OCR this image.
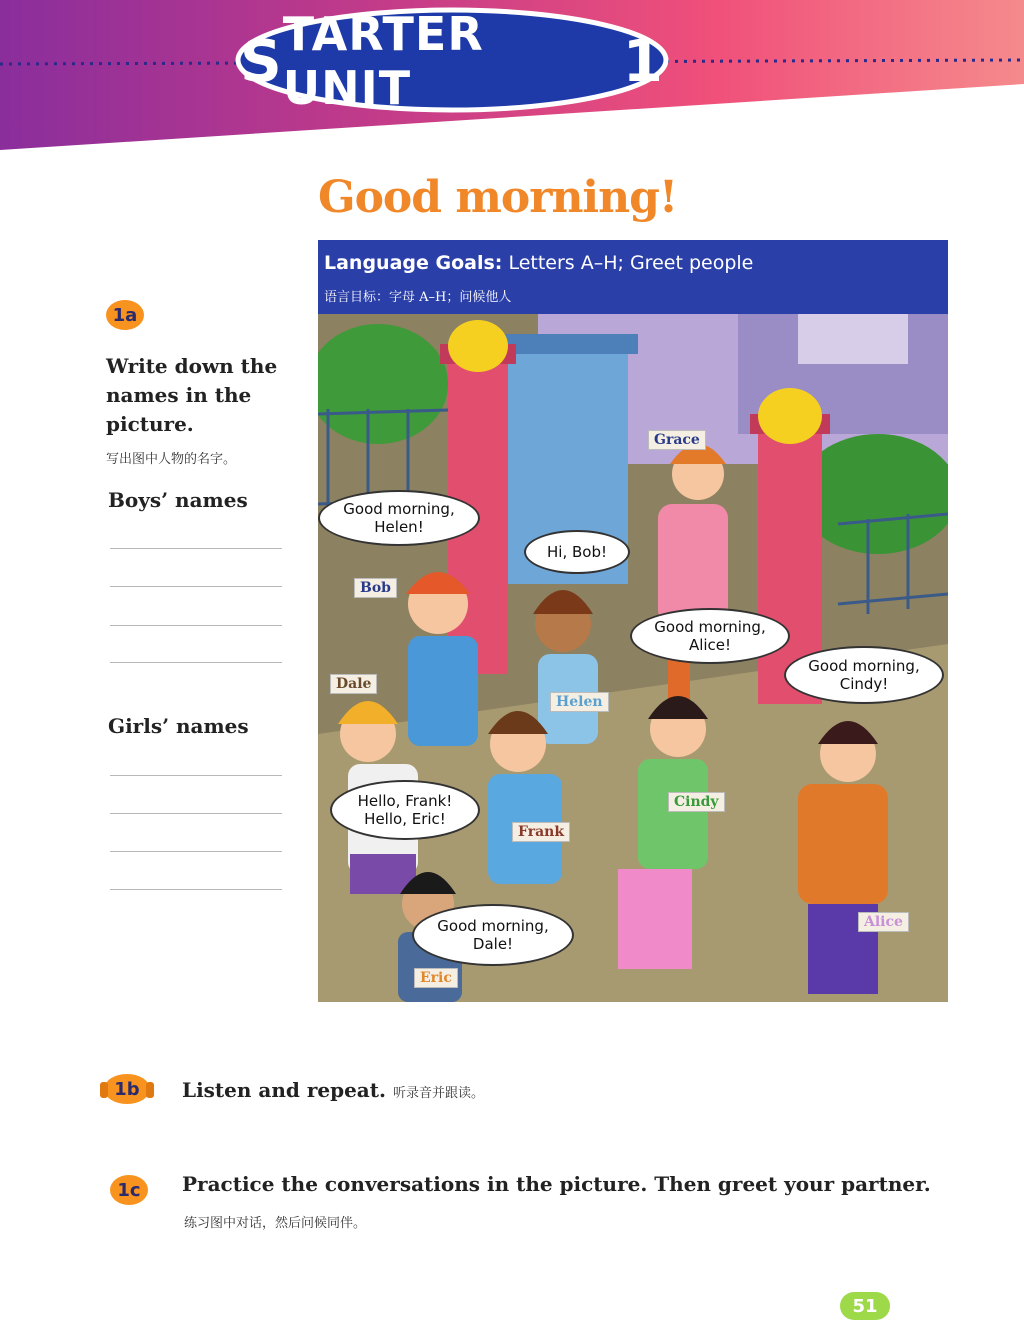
S TARTER UNIT
	1
Good morning!
1a
Write down the names in the picture.
写出图中人物的名字。
Boys’ names
Girls’ names
Language Goals: Letters A–H; Greet people
语言目标：字母 A–H；问候他人
Good morning,
Helen!
Hi, Bob!
Good morning,
Alice!
Good morning,
Cindy!
Hello, Frank!
Hello, Eric!
Good morning,
Dale!
Grace
Bob
Dale
Helen
Cindy
Frank
Alice
Eric
1b	Listen and repeat. 听录音并跟读。
1c	Practice the conversations in the picture. Then greet your partner.
练习图中对话，然后问候同伴。
51
